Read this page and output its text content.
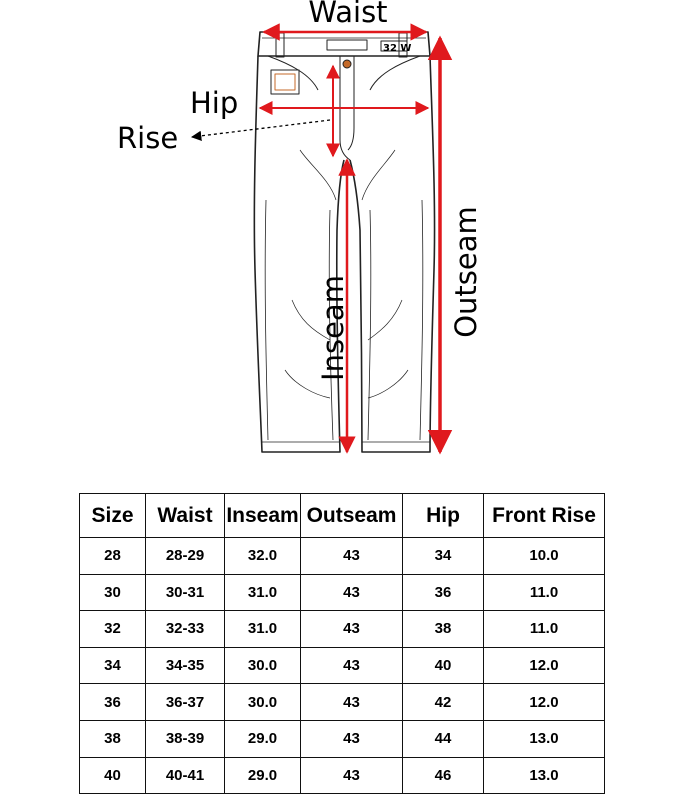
Waist
Hip
Rise
Inseam	Outseam
32 W
Size	Waist	Inseam	Outseam	Hip	Front Rise
28	28-29	32.0	43	34	10.0
30	30-31	31.0	43	36	11.0
32	32-33	31.0	43	38	11.0
34	34-35	30.0	43	40	12.0
36	36-37	30.0	43	42	12.0
38	38-39	29.0	43	44	13.0
40	40-41	29.0	43	46	13.0
